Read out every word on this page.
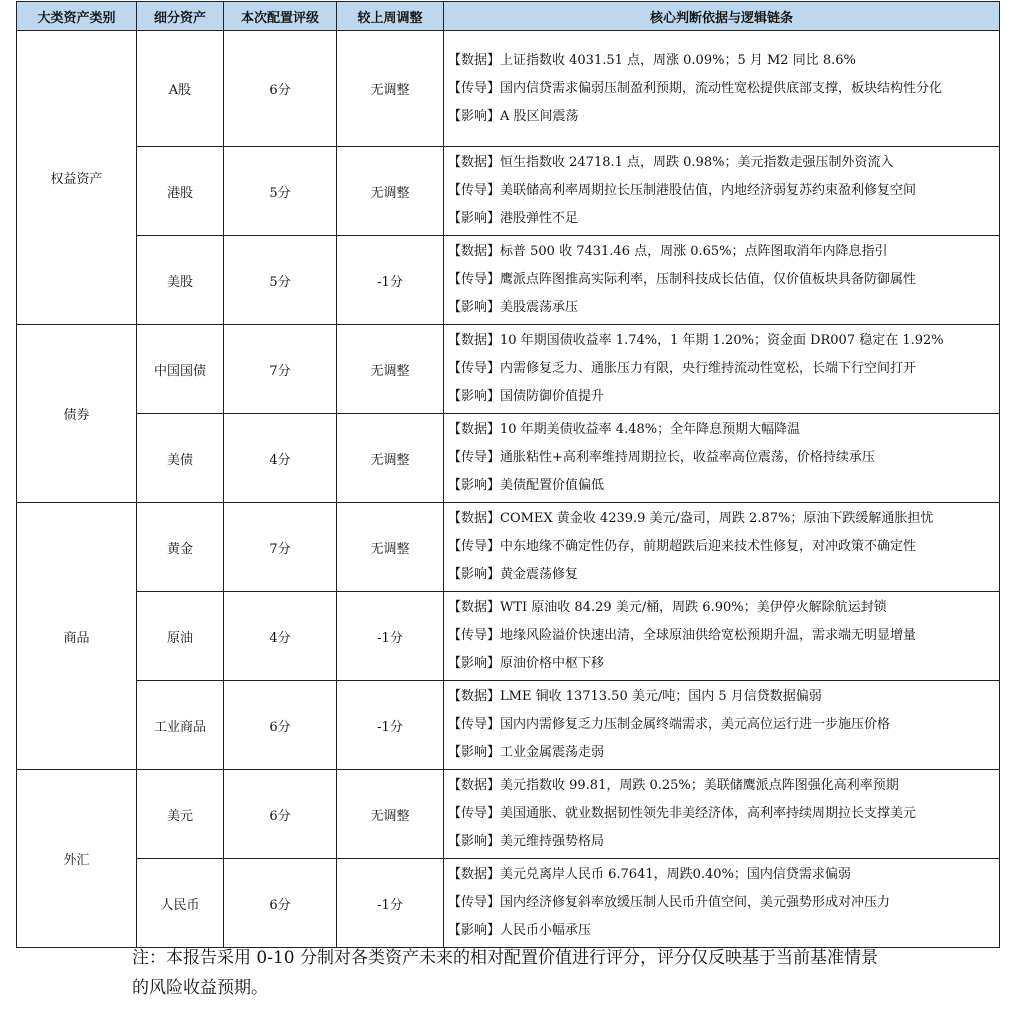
大类资产类别	细分资产	本次配置评级	较上周调整	核心判断依据与逻辑链条
权益资产	A股	6分	无调整	【数据】上证指数收 4031.51 点，周涨 0.09%；5 月 M2 同比 8.6%
【传导】国内信贷需求偏弱压制盈利预期，流动性宽松提供底部支撑，板块结构性分化
【影响】A 股区间震荡

	港股	5分	无调整	【数据】恒生指数收 24718.1 点，周跌 0.98%；美元指数走强压制外资流入
【传导】美联储高利率周期拉长压制港股估值，内地经济弱复苏约束盈利修复空间
【影响】港股弹性不足

	美股	5分	-1分	【数据】标普 500 收 7431.46 点，周涨 0.65%；点阵图取消年内降息指引
【传导】鹰派点阵图推高实际利率，压制科技成长估值，仅价值板块具备防御属性
【影响】美股震荡承压

债券	中国国债	7分	无调整	【数据】10 年期国债收益率 1.74%，1 年期 1.20%；资金面 DR007 稳定在 1.92%
【传导】内需修复乏力、通胀压力有限，央行维持流动性宽松，长端下行空间打开
【影响】国债防御价值提升

	美债	4分	无调整	【数据】10 年期美债收益率 4.48%；全年降息预期大幅降温
【传导】通胀粘性+高利率维持周期拉长，收益率高位震荡，价格持续承压
【影响】美债配置价值偏低

商品	黄金	7分	无调整	【数据】COMEX 黄金收 4239.9 美元/盎司，周跌 2.87%；原油下跌缓解通胀担忧
【传导】中东地缘不确定性仍存，前期超跌后迎来技术性修复，对冲政策不确定性
【影响】黄金震荡修复

	原油	4分	-1分	【数据】WTI 原油收 84.29 美元/桶，周跌 6.90%；美伊停火解除航运封锁
【传导】地缘风险溢价快速出清，全球原油供给宽松预期升温，需求端无明显增量
【影响】原油价格中枢下移

	工业商品	6分	-1分	【数据】LME 铜收 13713.50 美元/吨；国内 5 月信贷数据偏弱
【传导】国内内需修复乏力压制金属终端需求，美元高位运行进一步施压价格
【影响】工业金属震荡走弱

外汇	美元	6分	无调整	【数据】美元指数收 99.81，周跌 0.25%；美联储鹰派点阵图强化高利率预期
【传导】美国通胀、就业数据韧性领先非美经济体，高利率持续周期拉长支撑美元
【影响】美元维持强势格局

	人民币	6分	-1分	【数据】美元兑离岸人民币 6.7641，周跌0.40%；国内信贷需求偏弱
【传导】国内经济修复斜率放缓压制人民币升值空间，美元强势形成对冲压力
【影响】人民币小幅承压
注：本报告采用 0-10 分制对各类资产未来的相对配置价值进行评分，评分仅反映基于当前基准情景的风险收益预期。
